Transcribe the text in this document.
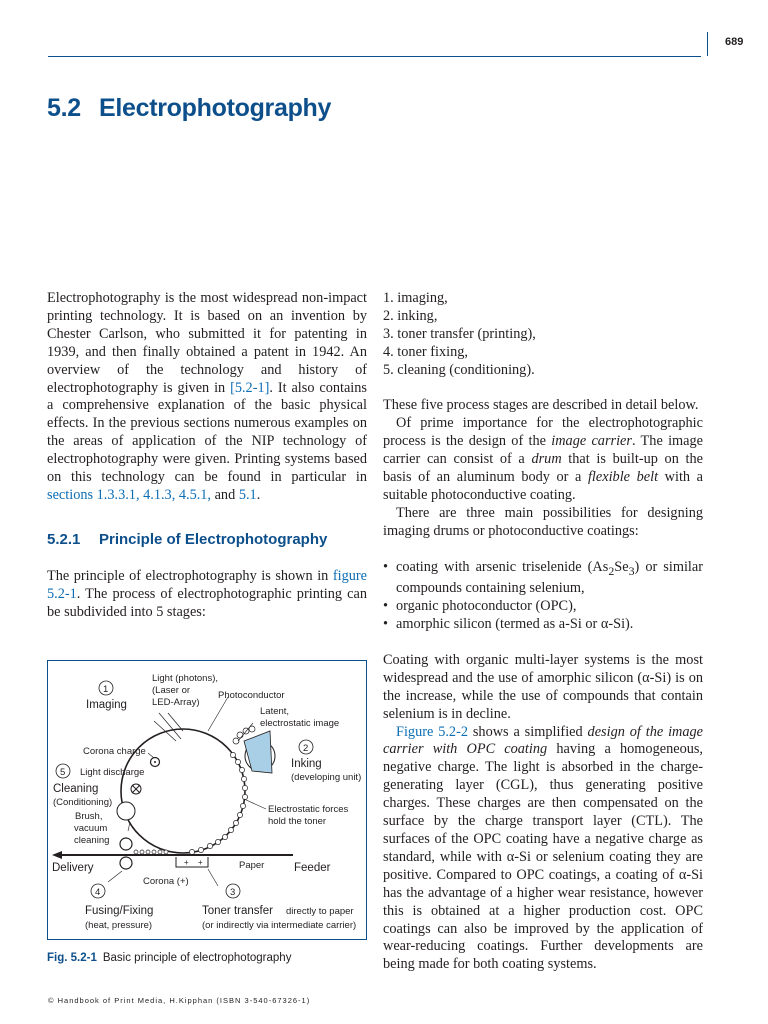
689
5.2 Electrophotography

Electrophotography is the most widespread non-impact printing technology. It is based on an invention by Chester Carlson, who submitted it for patenting in 1939, and then finally obtained a patent in 1942. An overview of the technology and history of electrophotography is given in [5.2-1]. It also contains a comprehensive explanation of the basic physical effects. In the previous sections numerous examples on the areas of application of the NIP technology of electrophotography were given. Printing systems based on this technology can be found in particular in sections 1.3.3.1, 4.1.3, 4.5.1, and 5.1.

5.2.1 Principle of Electrophotography

The principle of electrophotography is shown in figure 5.2-1. The process of electrophotographic printing can be subdivided into 5 stages:

+ +
1
2
5
4	3
Imaging
Light (photons),
(Laser or
LED-Array)
Photoconductor
Latent,
electrostatic image
Inking
(developing unit)
Corona charge
Light discharge
Cleaning
(Conditioning)
Brush,
vacuum
cleaning
Electrostatic forces
hold the toner
Delivery	Paper	Feeder
Corona (+)
Fusing/Fixing
(heat, pressure)
Toner transfer directly to paper
(or indirectly via intermediate carrier)
Fig. 5.2-1 Basic principle of electrophotography
1. imaging,
2. inking,
3. toner transfer (printing),
4. toner fixing,
5. cleaning (conditioning).

These five process stages are described in detail below.

Of prime importance for the electrophotographic process is the design of the image carrier. The image carrier can consist of a drum that is built-up on the basis of an aluminum body or a flexible belt with a suitable photoconductive coating.

There are three main possibilities for designing imaging drums or photoconductive coatings:

• coating with arsenic triselenide $(As_2Se_3)$ or similar compounds containing selenium,
• organic photoconductor (OPC),
• amorphic silicon (termed as a-Si or α-Si).

Coating with organic multi-layer systems is the most widespread and the use of amorphic silicon (α-Si) is on the increase, while the use of compounds that contain selenium is in decline.

Figure 5.2-2 shows a simplified design of the image carrier with OPC coating having a homogeneous, negative charge. The light is absorbed in the charge-generating layer (CGL), thus generating positive charges. These charges are then compensated on the surface by the charge transport layer (CTL). The surfaces of the OPC coating have a negative charge as standard, while with α-Si or selenium coating they are positive. Compared to OPC coatings, a coating of α-Si has the advantage of a higher wear resistance, however this is obtained at a higher production cost. OPC coatings can also be improved by the application of wear-reducing coatings. Further developments are being made for both coating systems.

© Handbook of Print Media, H.Kipphan (ISBN 3-540-67326-1)
